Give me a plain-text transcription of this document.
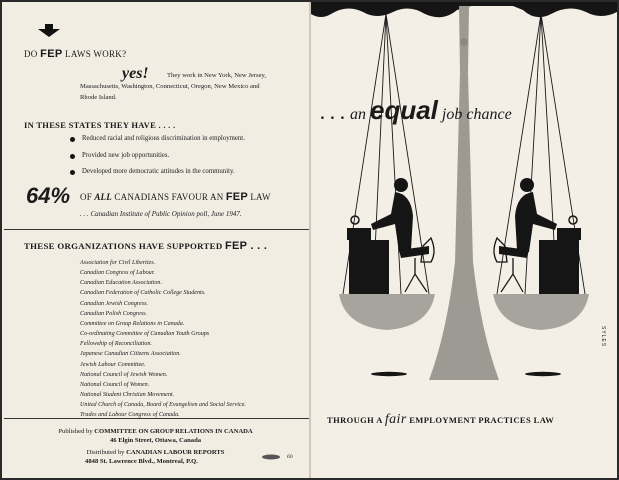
DO FEP LAWS WORK?
yes!	They work in New York, New Jersey,
Massachusetts, Washington, Connecticut, Oregon, New Mexico and
Rhode Island.
IN THESE STATES THEY HAVE . . . .
Reduced racial and religious discrimination in employment.
Provided new job opportunities.
Developed more democratic attitudes in the community.
64% OF ALL CANADIANS FAVOUR AN FEP LAW
. . . Canadian Institute of Public Opinion poll, June 1947.
THESE ORGANIZATIONS HAVE SUPPORTED FEP . . .
Association for Civil Liberties.
Canadian Congress of Labour.
Canadian Education Association.
Canadian Federation of Catholic College Students.
Canadian Jewish Congress.
Canadian Polish Congress.
Committee on Group Relations in Canada.
Co-ordinating Committee of Canadian Youth Groups
Fellowship of Reconciliation.
Japanese Canadian Citizens Association.
Jewish Labour Committee.
National Council of Jewish Women.
National Council of Women.
National Student Christian Movement.
United Church of Canada, Board of Evangelism and Social Service.
Trades and Labour Congress of Canada.
Published by COMMITTEE ON GROUP RELATIONS IN CANADA
46 Elgin Street, Ottawa, Canada
Distributed by CANADIAN LABOUR REPORTS
4848 St. Lawrence Blvd., Montreal, P.Q.
60
. . . an equal job chance
SYLES
THROUGH A fair EMPLOYMENT PRACTICES LAW
